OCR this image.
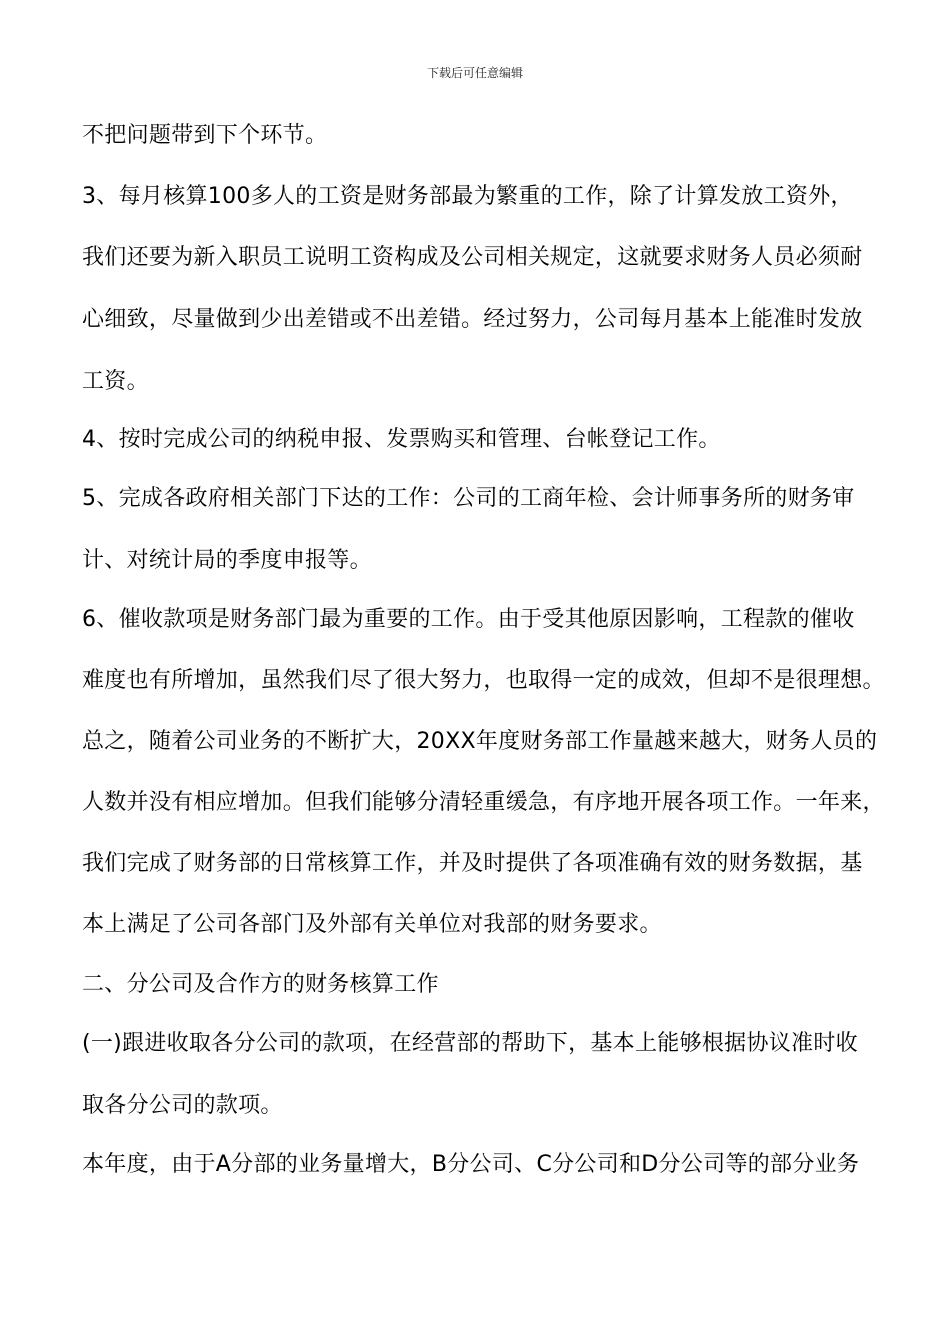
下载后可任意编辑
不把问题带到下个环节。
3、每月核算100多人的工资是财务部最为繁重的工作，除了计算发放工资外，
我们还要为新入职员工说明工资构成及公司相关规定，这就要求财务人员必须耐
心细致，尽量做到少出差错或不出差错。经过努力，公司每月基本上能准时发放
工资。
4、按时完成公司的纳税申报、发票购买和管理、台帐登记工作。
5、完成各政府相关部门下达的工作：公司的工商年检、会计师事务所的财务审
计、对统计局的季度申报等。
6、催收款项是财务部门最为重要的工作。由于受其他原因影响，工程款的催收
难度也有所增加，虽然我们尽了很大努力，也取得一定的成效，但却不是很理想。
总之，随着公司业务的不断扩大，20XX年度财务部工作量越来越大，财务人员的
人数并没有相应增加。但我们能够分清轻重缓急，有序地开展各项工作。一年来，
我们完成了财务部的日常核算工作，并及时提供了各项准确有效的财务数据，基
本上满足了公司各部门及外部有关单位对我部的财务要求。
二、分公司及合作方的财务核算工作
(一)跟进收取各分公司的款项，在经营部的帮助下，基本上能够根据协议准时收
取各分公司的款项。
本年度，由于A分部的业务量增大，B分公司、C分公司和D分公司等的部分业务
